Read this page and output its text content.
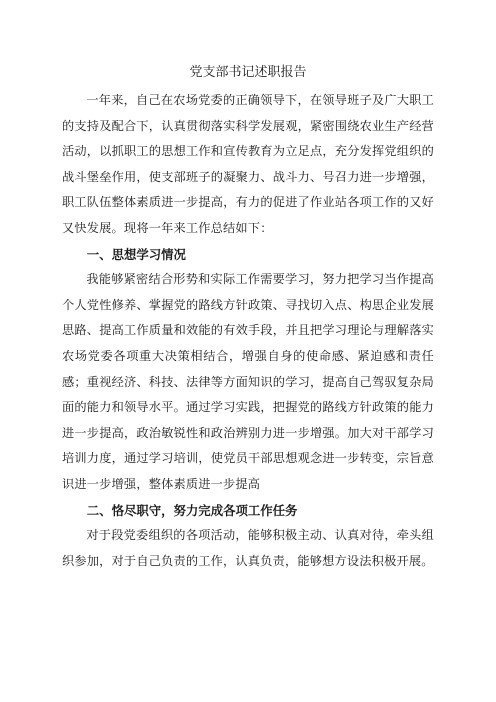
党支部书记述职报告

一年来，自己在农场党委的正确领导下，在领导班子及广大职工的支持及配合下，认真贯彻落实科学发展观，紧密围绕农业生产经营活动，以抓职工的思想工作和宣传教育为立足点，充分发挥党组织的战斗堡垒作用，使支部班子的凝聚力、战斗力、号召力进一步增强，职工队伍整体素质进一步提高，有力的促进了作业站各项工作的又好又快发展。现将一年来工作总结如下：

一、思想学习情况

我能够紧密结合形势和实际工作需要学习，努力把学习当作提高个人党性修养、掌握党的路线方针政策、寻找切入点、构思企业发展思路、提高工作质量和效能的有效手段，并且把学习理论与理解落实农场党委各项重大决策相结合，增强自身的使命感、紧迫感和责任感；重视经济、科技、法律等方面知识的学习，提高自己驾驭复杂局面的能力和领导水平。通过学习实践，把握党的路线方针政策的能力进一步提高，政治敏锐性和政治辨别力进一步增强。加大对干部学习培训力度，通过学习培训，使党员干部思想观念进一步转变，宗旨意识进一步增强，整体素质进一步提高

二、恪尽职守，努力完成各项工作任务

对于段党委组织的各项活动，能够积极主动、认真对待，牵头组织参加，对于自己负责的工作，认真负责，能够想方设法积极开展。
